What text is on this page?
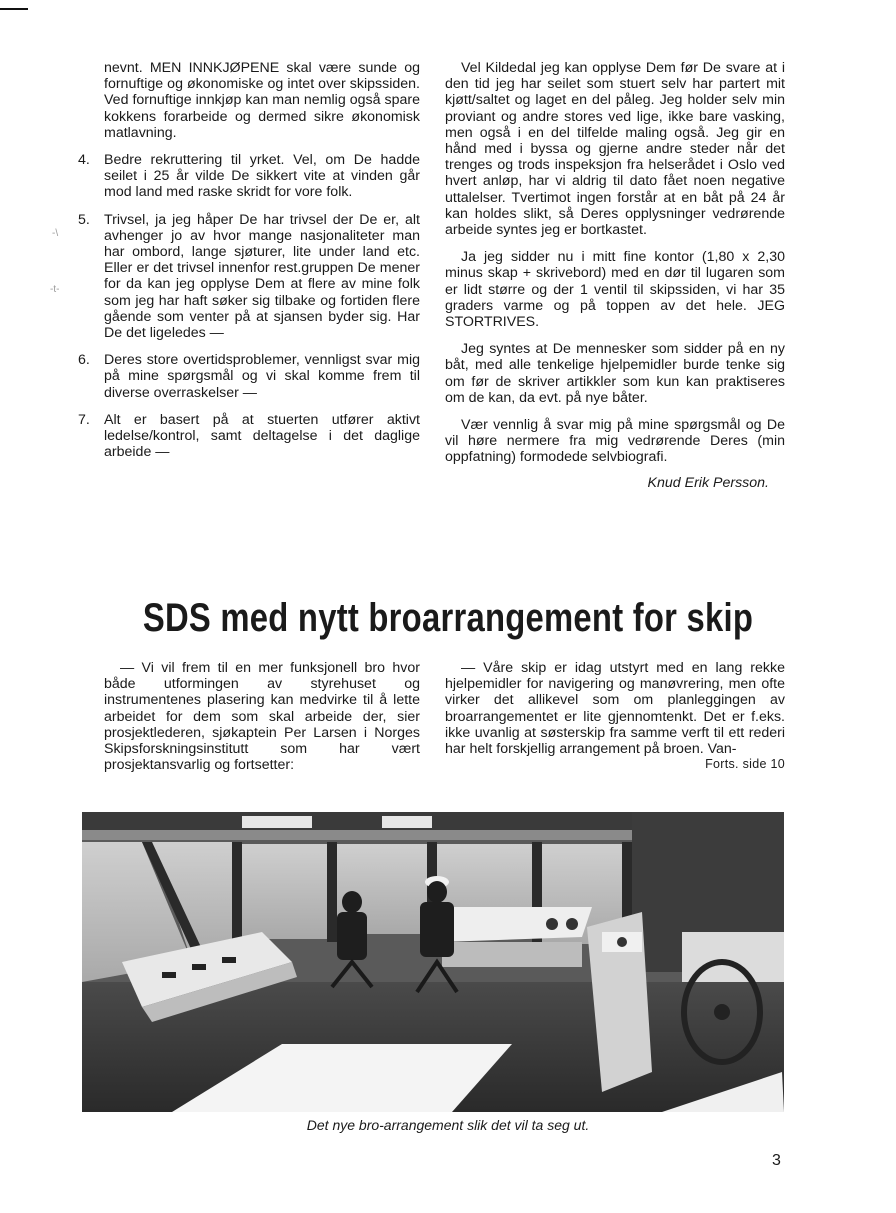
nevnt. MEN INNKJØPENE skal være sunde og fornuftige og økonomiske og intet over skipssiden. Ved fornuftige innkjøp kan man nemlig også spare kokkens forarbeide og dermed sikre økonomisk matlavning.

4. Bedre rekruttering til yrket. Vel, om De hadde seilet i 25 år vilde De sikkert vite at vinden går mod land med raske skridt for vore folk.
5. Trivsel, ja jeg håper De har trivsel der De er, alt avhenger jo av hvor mange nasjonaliteter man har ombord, lange sjøturer, lite under land etc. Eller er det trivsel innenfor rest.gruppen De mener for da kan jeg opplyse Dem at flere av mine folk som jeg har haft søker sig tilbake og fortiden flere gående som venter på at sjansen byder sig. Har De det ligeledes —
6. Deres store overtidsproblemer, vennligst svar mig på mine spørgsmål og vi skal komme frem til diverse overraskelser —
7. Alt er basert på at stuerten utfører aktivt ledelse/kontrol, samt deltagelse i det daglige arbeide —
-\
-t-

Vel Kildedal jeg kan opplyse Dem før De svare at i den tid jeg har seilet som stuert selv har partert mit kjøtt/saltet og laget en del påleg. Jeg holder selv min proviant og andre stores ved lige, ikke bare vasking, men også i en del tilfelde maling også. Jeg gir en hånd med i byssa og gjerne andre steder når det trenges og trods inspeksjon fra helserådet i Oslo ved hvert anløp, har vi aldrig til dato fået noen negative uttalelser. Tvertimot ingen forstår at en båt på 24 år kan holdes slikt, så Deres opplysninger vedrørende arbeide syntes jeg er bortkastet.

Ja jeg sidder nu i mitt fine kontor (1,80 x 2,30 minus skap + skrivebord) med en dør til lugaren som er lidt større og der 1 ventil til skipssiden, vi har 35 graders varme og på toppen av det hele. JEG STORTRIVES.

Jeg syntes at De mennesker som sidder på en ny båt, med alle tenkelige hjelpemidler burde tenke sig om før de skriver artikkler som kun kan praktiseres om de kan, da evt. på nye båter.

Vær vennlig å svar mig på mine spørgsmål og De vil høre nermere fra mig vedrørende Deres (min oppfatning) formodede selvbiografi.

Knud Erik Persson.
SDS med nytt broarrangement for skip

— Vi vil frem til en mer funksjonell bro hvor både utformingen av styrehuset og instrumentenes plasering kan medvirke til å lette arbeidet for dem som skal arbeide der, sier prosjektlederen, sjøkaptein Per Larsen i Norges Skipsforskningsinstitutt som har vært prosjektansvarlig og fortsetter:

— Våre skip er idag utstyrt med en lang rekke hjelpemidler for navigering og manøvrering, men ofte virker det allikevel som om planleggingen av broarrangementet er lite gjennomtenkt. Det er f.eks. ikke uvanlig at søsterskip fra samme verft til ett rederi har helt forskjellig arrangement på broen. Van-

Forts. side 10
Det nye bro-arrangement slik det vil ta seg ut.
3
